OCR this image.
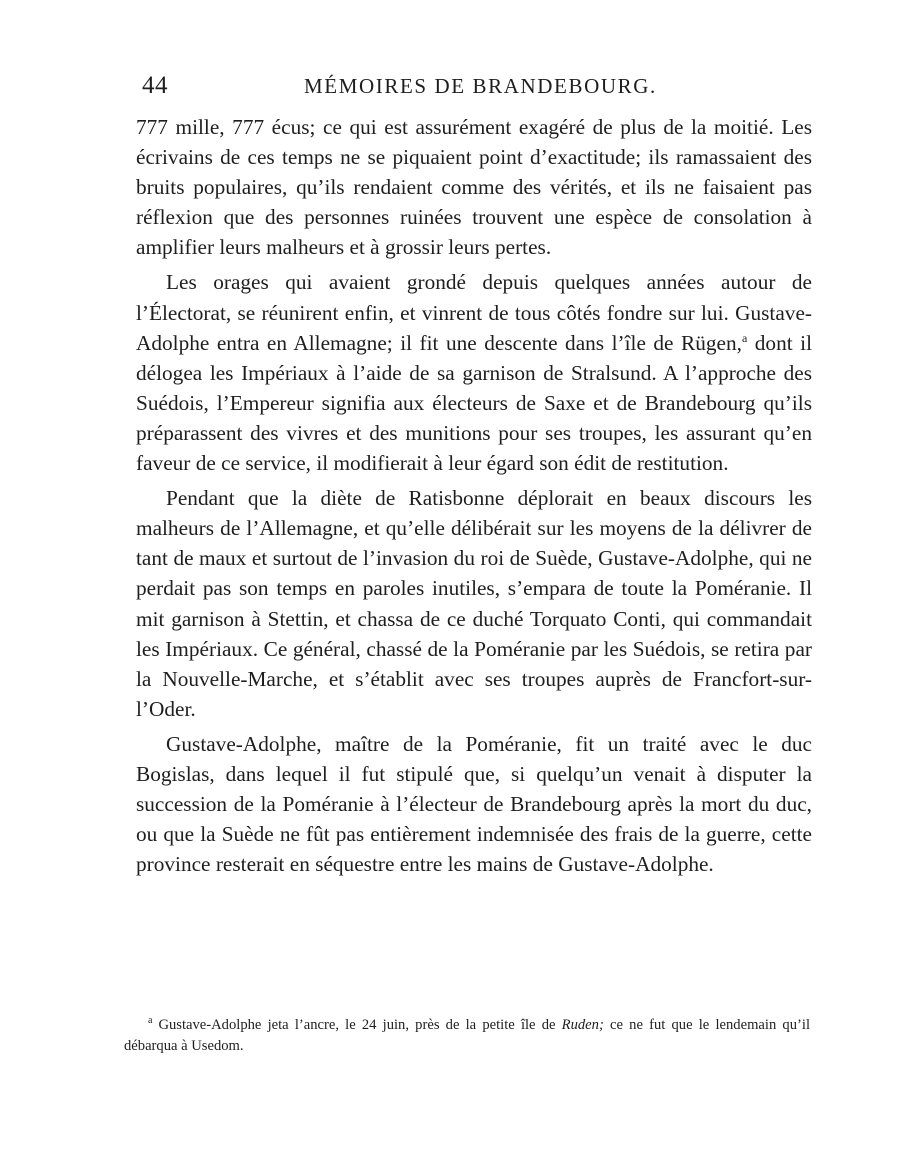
44	MÉMOIRES DE BRANDEBOURG.

777 mille, 777 écus; ce qui est assurément exagéré de plus de la moitié. Les écrivains de ces temps ne se piquaient point d’exactitude; ils ramassaient des bruits populaires, qu’ils rendaient comme des vérités, et ils ne faisaient pas réflexion que des personnes ruinées trouvent une espèce de consolation à amplifier leurs malheurs et à grossir leurs pertes.

Les orages qui avaient grondé depuis quelques années autour de l’Électorat, se réunirent enfin, et vinrent de tous côtés fondre sur lui. Gustave-Adolphe entra en Allemagne; il fit une descente dans l’île de Rügen,$^a$ dont il délogea les Impériaux à l’aide de sa garnison de Stralsund. A l’approche des Suédois, l’Empereur signifia aux électeurs de Saxe et de Brandebourg qu’ils préparassent des vivres et des munitions pour ses troupes, les assurant qu’en faveur de ce service, il modifierait à leur égard son édit de restitution.

Pendant que la diète de Ratisbonne déplorait en beaux discours les malheurs de l’Allemagne, et qu’elle délibérait sur les moyens de la délivrer de tant de maux et surtout de l’invasion du roi de Suède, Gustave-Adolphe, qui ne perdait pas son temps en paroles inutiles, s’empara de toute la Poméranie. Il mit garnison à Stettin, et chassa de ce duché Torquato Conti, qui commandait les Impériaux. Ce général, chassé de la Poméranie par les Suédois, se retira par la Nouvelle-Marche, et s’établit avec ses troupes auprès de Francfort-sur-l’Oder.

Gustave-Adolphe, maître de la Poméranie, fit un traité avec le duc Bogislas, dans lequel il fut stipulé que, si quelqu’un venait à disputer la succession de la Poméranie à l’électeur de Brandebourg après la mort du duc, ou que la Suède ne fût pas entièrement indemnisée des frais de la guerre, cette province resterait en séquestre entre les mains de Gustave-Adolphe.

$^a$ Gustave-Adolphe jeta l’ancre, le 24 juin, près de la petite île de Ruden; ce ne fut que le lendemain qu’il débarqua à Usedom.
